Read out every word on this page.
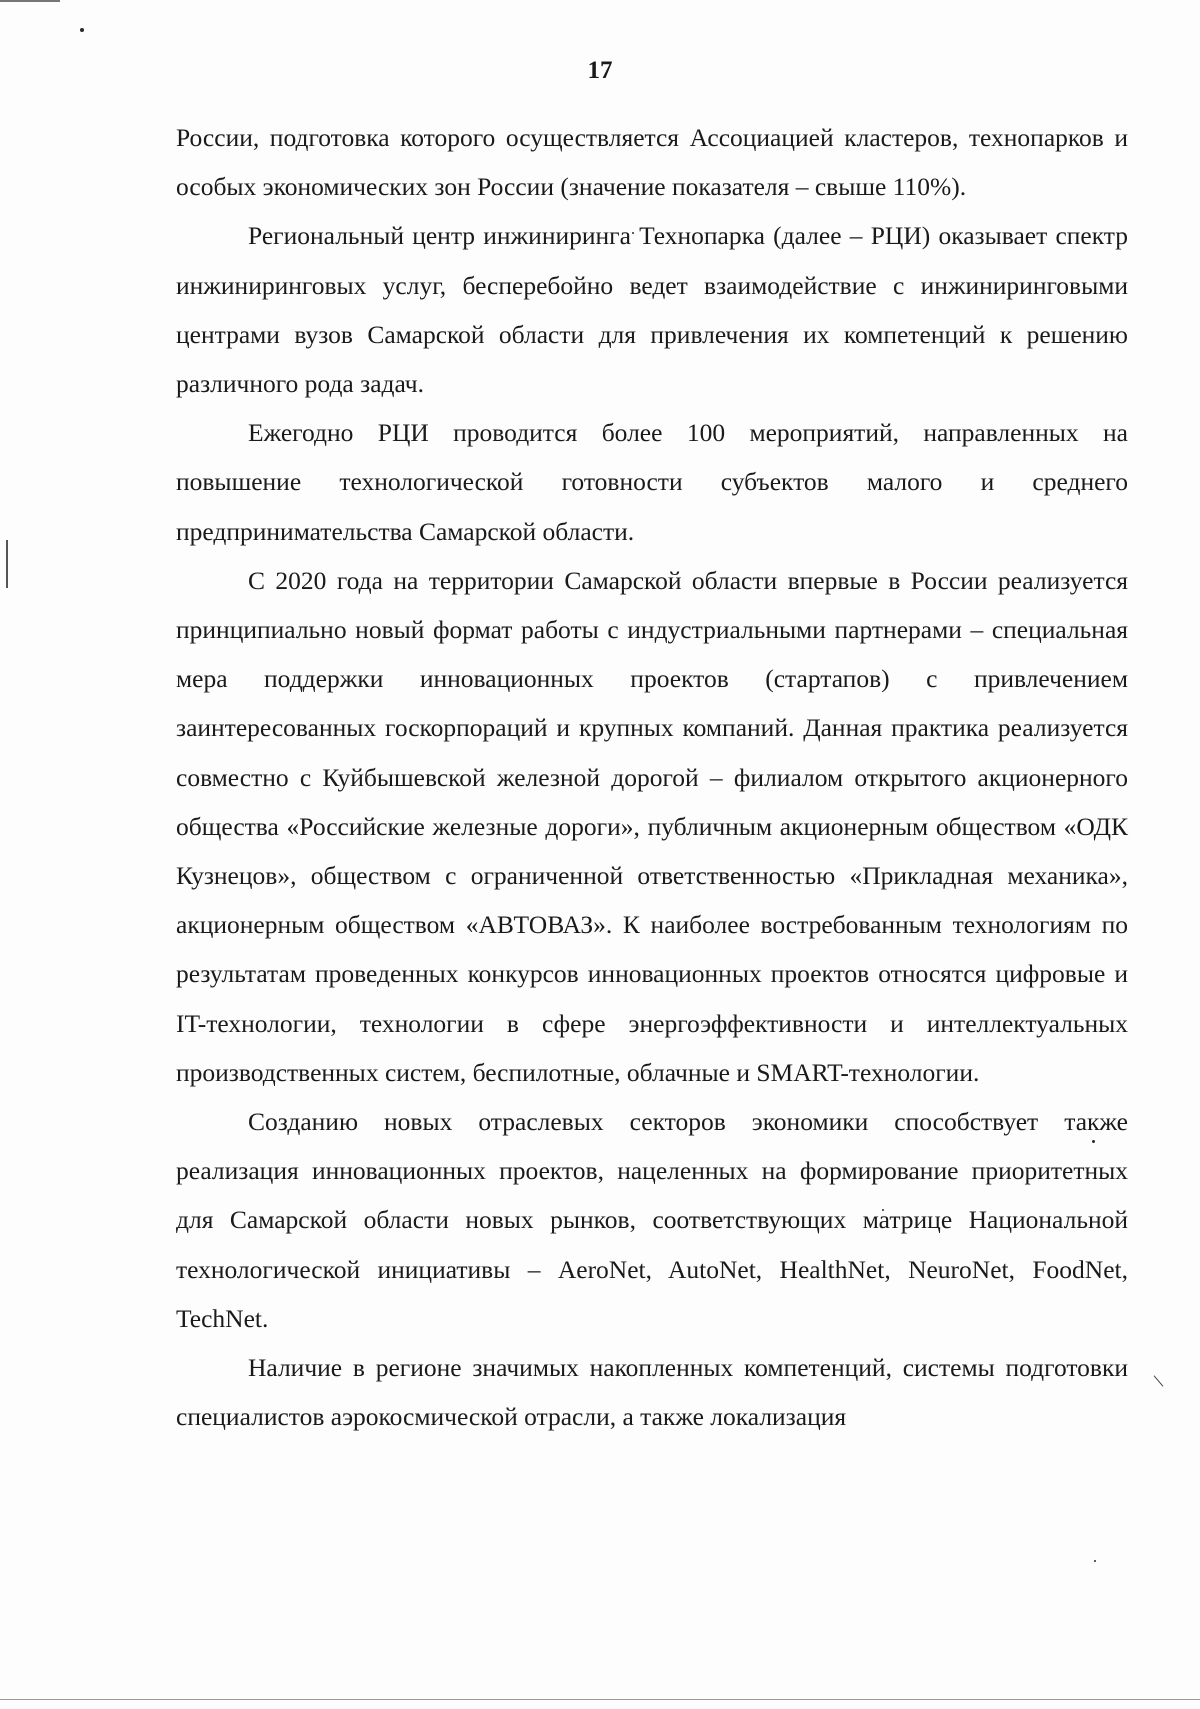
17

России, подготовка которого осуществляется Ассоциацией кластеров, технопарков и особых экономических зон России (значение показателя – свыше 110%).

Региональный центр инжиниринга Технопарка (далее – РЦИ) оказывает спектр инжиниринговых услуг, бесперебойно ведет взаимодействие с инжиниринговыми центрами вузов Самарской области для привлечения их компетенций к решению различного рода задач.

Ежегодно РЦИ проводится более 100 мероприятий, направленных на повышение технологической готовности субъектов малого и среднего предпринимательства Самарской области.

С 2020 года на территории Самарской области впервые в России реализуется принципиально новый формат работы с индустриальными партнерами – специальная мера поддержки инновационных проектов (стартапов) с привлечением заинтересованных госкорпораций и крупных компаний. Данная практика реализуется совместно с Куйбышевской железной дорогой – филиалом открытого акционерного общества «Российские железные дороги», публичным акционерным обществом «ОДК Кузнецов», обществом с ограниченной ответственностью «Прикладная механика», акционерным обществом «АВТОВАЗ». К наиболее востребованным технологиям по результатам проведенных конкурсов инновационных проектов относятся цифровые и IT-технологии, технологии в сфере энергоэффективности и интеллектуальных производственных систем, беспилотные, облачные и SMART-технологии.

Созданию новых отраслевых секторов экономики способствует также реализация инновационных проектов, нацеленных на формирование приоритетных для Самарской области новых рынков, соответствующих матрице Национальной технологической инициативы – AeroNet, AutoNet, HealthNet, NeuroNet, FoodNet, TechNet.

Наличие в регионе значимых накопленных компетенций, системы подготовки специалистов аэрокосмической отрасли, а также локализация
